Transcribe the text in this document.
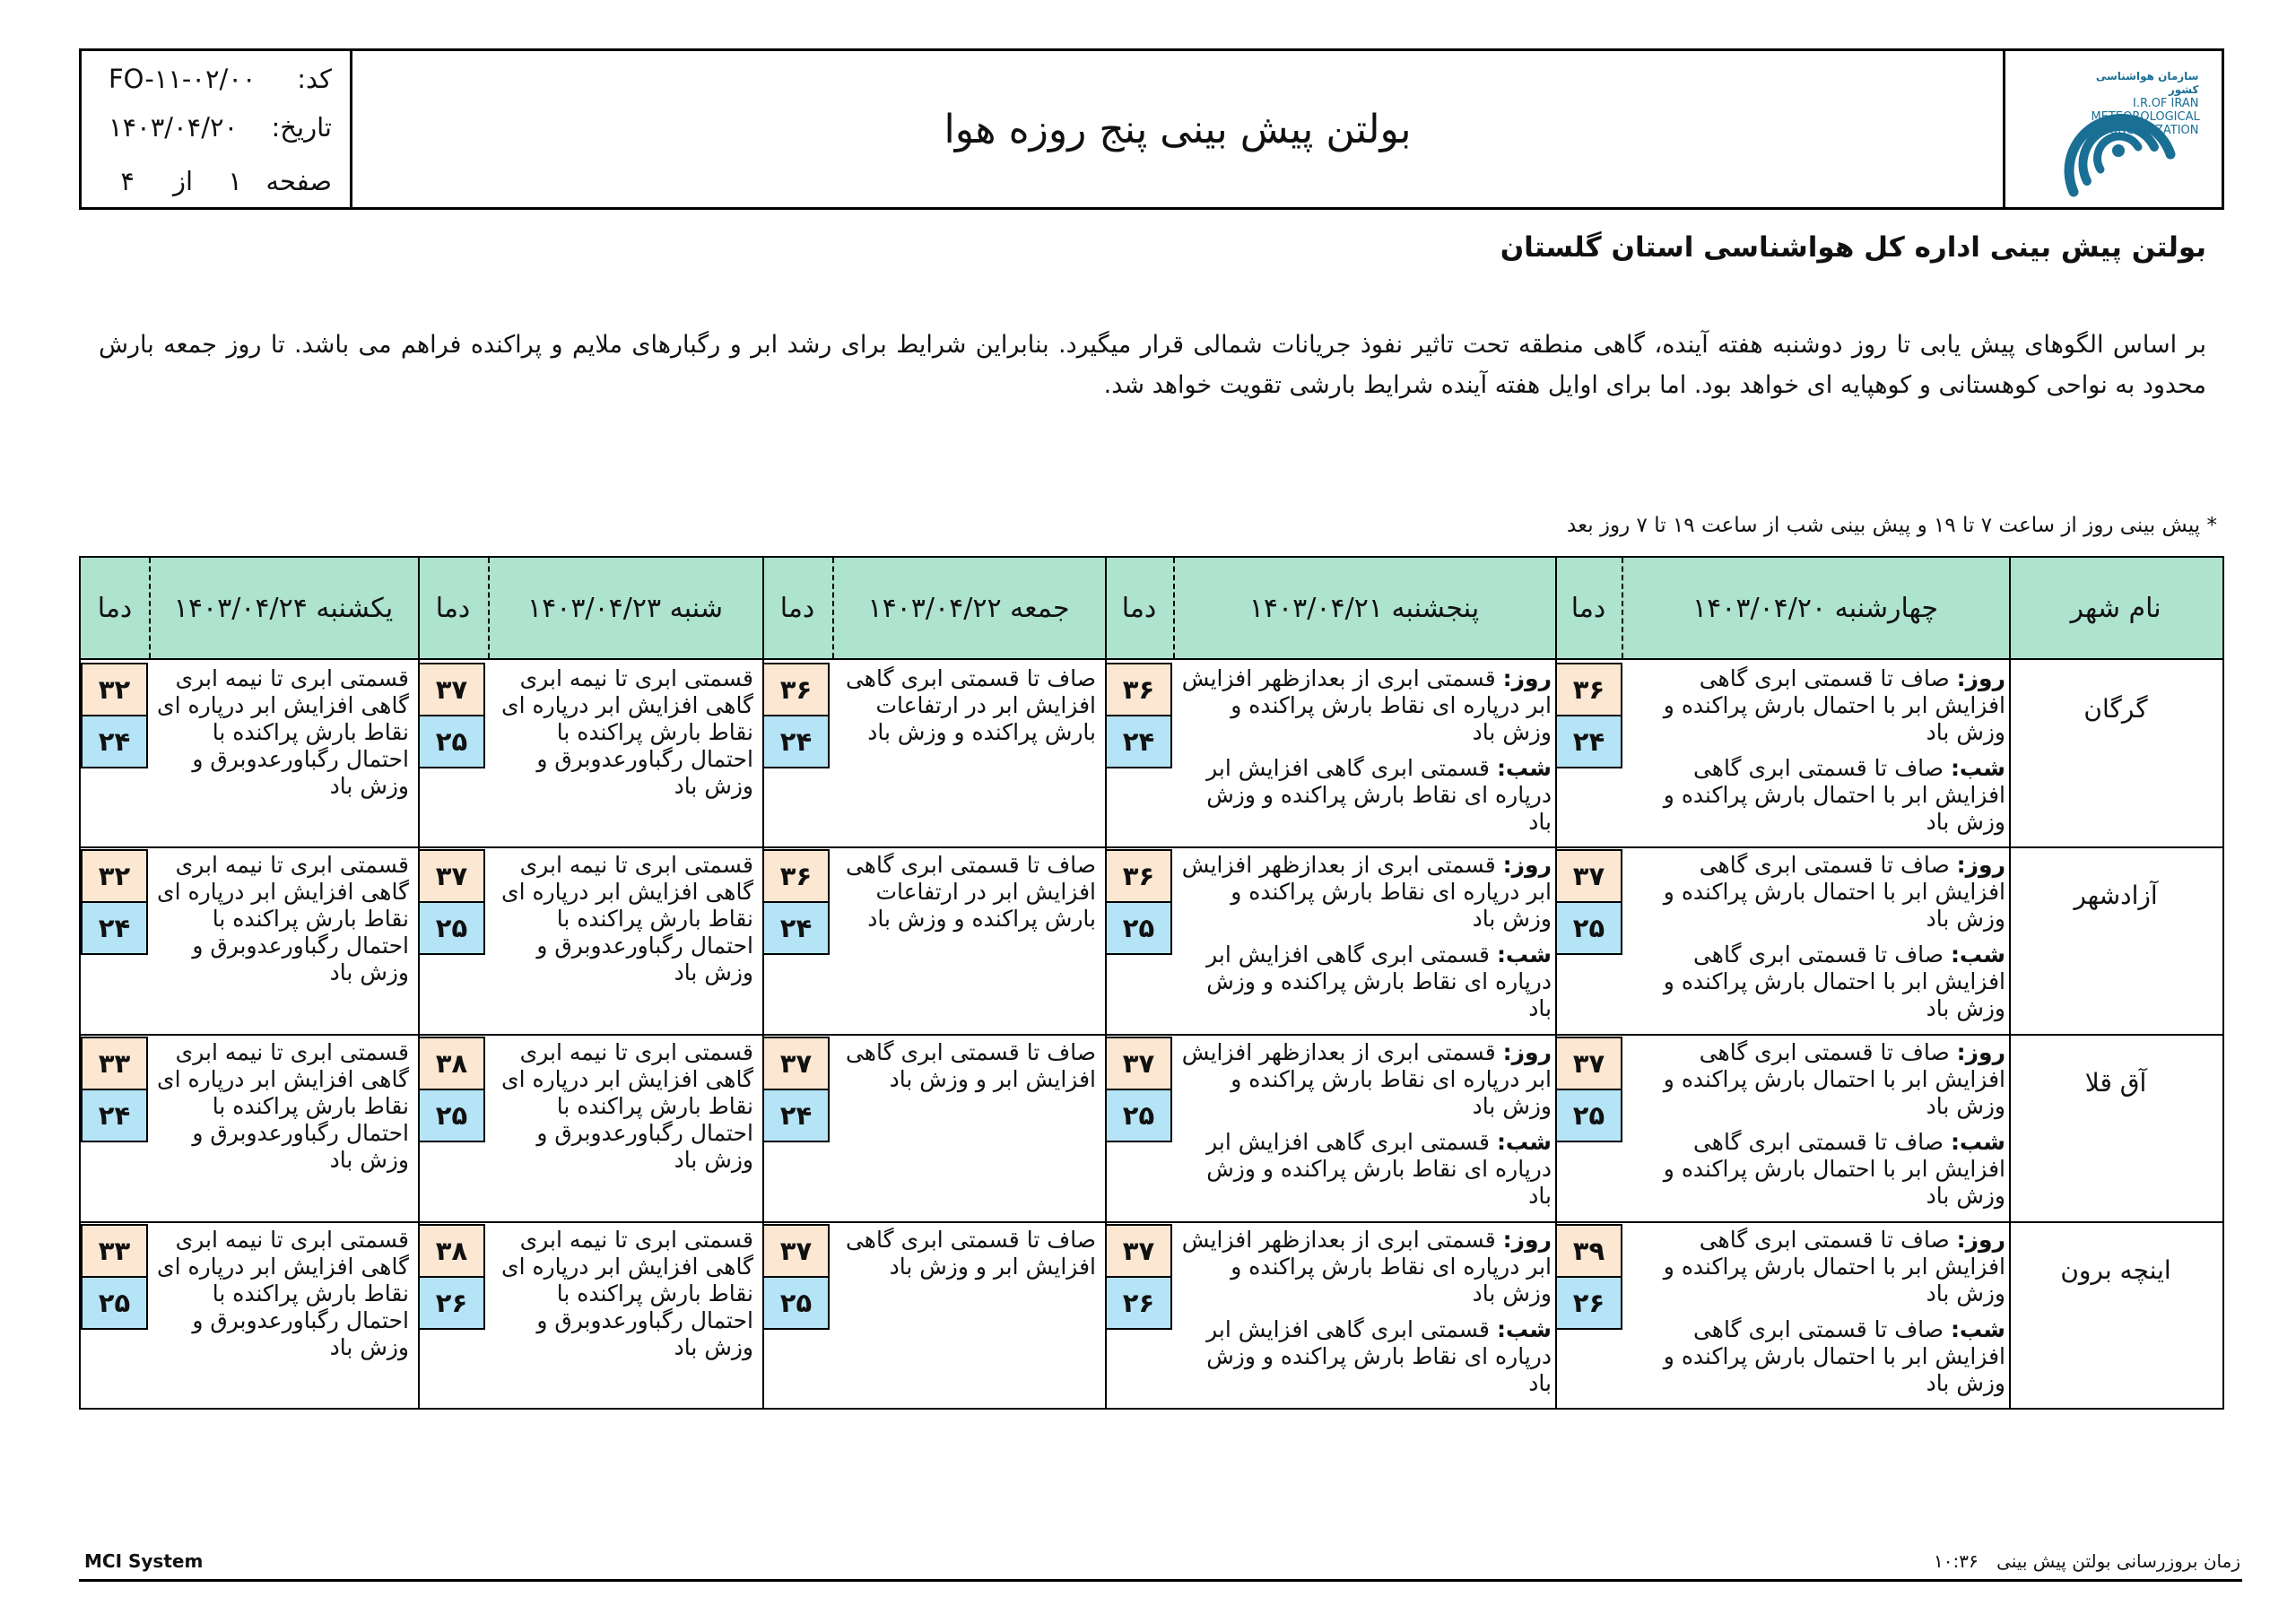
کد:
FO-۱۱-۰۲/۰۰
تاریخ:
۱۴۰۳/۰۴/۲۰
صفحه
۱
از
۴
بولتن پیش بینی پنج روزه هوا
سازمان هواشناسی کشور
I.R.OF IRAN
METEOROLOGICAL
ORGANIZATION
بولتن پیش بینی اداره کل هواشناسی استان گلستان
بر اساس الگوهای پیش یابی تا روز دوشنبه هفته آینده، گاهی منطقه تحت تاثیر نفوذ جریانات شمالی قرار میگیرد. بنابراین شرایط برای رشد ابر و رگبارهای ملایم و پراکنده فراهم می باشد. تا روز جمعه بارش محدود به نواحی کوهستانی و کوهپایه ای خواهد بود. اما برای اوایل هفته آینده شرایط بارشی تقویت خواهد شد.
* پیش بینی روز از ساعت ۷ تا ۱۹ و پیش بینی شب از ساعت ۱۹ تا ۷ روز بعد
نام شهر
چهارشنبه ۱۴۰۳/۰۴/۲۰
دما
پنجشنبه ۱۴۰۳/۰۴/۲۱
دما
جمعه ۱۴۰۳/۰۴/۲۲
دما
شنبه ۱۴۰۳/۰۴/۲۳
دما
یکشنبه ۱۴۰۳/۰۴/۲۴
دما
گرگان

روز: صاف تا قسمتی ابری گاهی افزایش ابر با احتمال بارش پراکنده و وزش باد

شب: صاف تا قسمتی ابری گاهی افزایش ابر با احتمال بارش پراکنده و وزش باد

۳۶
۲۴

روز: قسمتی ابری از بعدازظهر افزایش ابر درپاره ای نقاط بارش پراکنده و وزش باد

شب: قسمتی ابری گاهی افزایش ابر درپاره ای نقاط بارش پراکنده و وزش باد

۳۶
۲۴
صاف تا قسمتی ابری گاهی افزایش ابر در ارتفاعات بارش پراکنده و وزش باد
۳۶
۲۴
قسمتی ابری تا نیمه ابری گاهی افزایش ابر درپاره ای نقاط بارش پراکنده با احتمال رگباورعدوبرق و وزش باد
۳۷
۲۵
قسمتی ابری تا نیمه ابری گاهی افزایش ابر درپاره ای نقاط بارش پراکنده با احتمال رگباورعدوبرق و وزش باد
۳۲
۲۴
آزادشهر

روز: صاف تا قسمتی ابری گاهی افزایش ابر با احتمال بارش پراکنده و وزش باد

شب: صاف تا قسمتی ابری گاهی افزایش ابر با احتمال بارش پراکنده و وزش باد

۳۷
۲۵

روز: قسمتی ابری از بعدازظهر افزایش ابر درپاره ای نقاط بارش پراکنده و وزش باد

شب: قسمتی ابری گاهی افزایش ابر درپاره ای نقاط بارش پراکنده و وزش باد

۳۶
۲۵
صاف تا قسمتی ابری گاهی افزایش ابر در ارتفاعات بارش پراکنده و وزش باد
۳۶
۲۴
قسمتی ابری تا نیمه ابری گاهی افزایش ابر درپاره ای نقاط بارش پراکنده با احتمال رگباورعدوبرق و وزش باد
۳۷
۲۵
قسمتی ابری تا نیمه ابری گاهی افزایش ابر درپاره ای نقاط بارش پراکنده با احتمال رگباورعدوبرق و وزش باد
۳۲
۲۴
آق قلا

روز: صاف تا قسمتی ابری گاهی افزایش ابر با احتمال بارش پراکنده و وزش باد

شب: صاف تا قسمتی ابری گاهی افزایش ابر با احتمال بارش پراکنده و وزش باد

۳۷
۲۵

روز: قسمتی ابری از بعدازظهر افزایش ابر درپاره ای نقاط بارش پراکنده و وزش باد

شب: قسمتی ابری گاهی افزایش ابر درپاره ای نقاط بارش پراکنده و وزش باد

۳۷
۲۵
صاف تا قسمتی ابری گاهی افزایش ابر و وزش باد
۳۷
۲۴
قسمتی ابری تا نیمه ابری گاهی افزایش ابر درپاره ای نقاط بارش پراکنده با احتمال رگباورعدوبرق و وزش باد
۳۸
۲۵
قسمتی ابری تا نیمه ابری گاهی افزایش ابر درپاره ای نقاط بارش پراکنده با احتمال رگباورعدوبرق و وزش باد
۳۳
۲۴
اینچه برون

روز: صاف تا قسمتی ابری گاهی افزایش ابر با احتمال بارش پراکنده و وزش باد

شب: صاف تا قسمتی ابری گاهی افزایش ابر با احتمال بارش پراکنده و وزش باد

۳۹
۲۶

روز: قسمتی ابری از بعدازظهر افزایش ابر درپاره ای نقاط بارش پراکنده و وزش باد

شب: قسمتی ابری گاهی افزایش ابر درپاره ای نقاط بارش پراکنده و وزش باد

۳۷
۲۶
صاف تا قسمتی ابری گاهی افزایش ابر و وزش باد
۳۷
۲۵
قسمتی ابری تا نیمه ابری گاهی افزایش ابر درپاره ای نقاط بارش پراکنده با احتمال رگباورعدوبرق و وزش باد
۳۸
۲۶
قسمتی ابری تا نیمه ابری گاهی افزایش ابر درپاره ای نقاط بارش پراکنده با احتمال رگباورعدوبرق و وزش باد
۳۳
۲۵
MCI System	زمان بروزرسانی بولتن پیش بینی ۱۰:۳۶
